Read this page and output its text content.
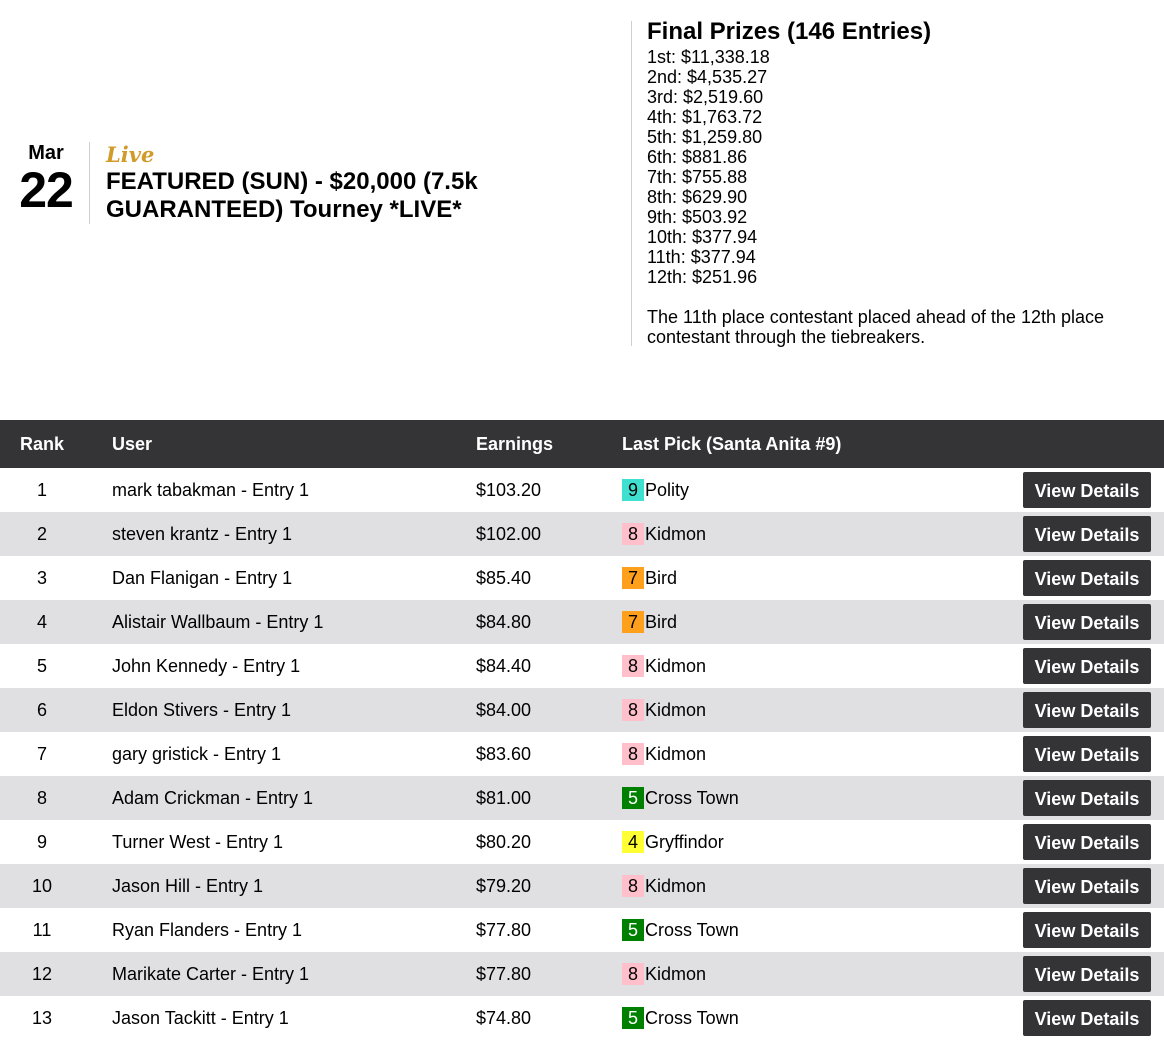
Mar
22
Live
FEATURED (SUN) - $20,000 (7.5k GUARANTEED) Tourney *LIVE*
Final Prizes (146 Entries)
1st: $11,338.18
2nd: $4,535.27
3rd: $2,519.60
4th: $1,763.72
5th: $1,259.80
6th: $881.86
7th: $755.88
8th: $629.90
9th: $503.92
10th: $377.94
11th: $377.94
12th: $251.96
The 11th place contestant placed ahead of the 12th place contestant through the tiebreakers.
Rank	User	Earnings	Last Pick (Santa Anita #9)	
1	mark tabakman - Entry 1	$103.20	9 Polity	View Details
2	steven krantz - Entry 1	$102.00	8 Kidmon	View Details
3	Dan Flanigan - Entry 1	$85.40	7 Bird	View Details
4	Alistair Wallbaum - Entry 1	$84.80	7 Bird	View Details
5	John Kennedy - Entry 1	$84.40	8 Kidmon	View Details
6	Eldon Stivers - Entry 1	$84.00	8 Kidmon	View Details
7	gary gristick - Entry 1	$83.60	8 Kidmon	View Details
8	Adam Crickman - Entry 1	$81.00	5 Cross Town	View Details
9	Turner West - Entry 1	$80.20	4 Gryffindor	View Details
10	Jason Hill - Entry 1	$79.20	8 Kidmon	View Details
11	Ryan Flanders - Entry 1	$77.80	5 Cross Town	View Details
12	Marikate Carter - Entry 1	$77.80	8 Kidmon	View Details
13	Jason Tackitt - Entry 1	$74.80	5 Cross Town	View Details
